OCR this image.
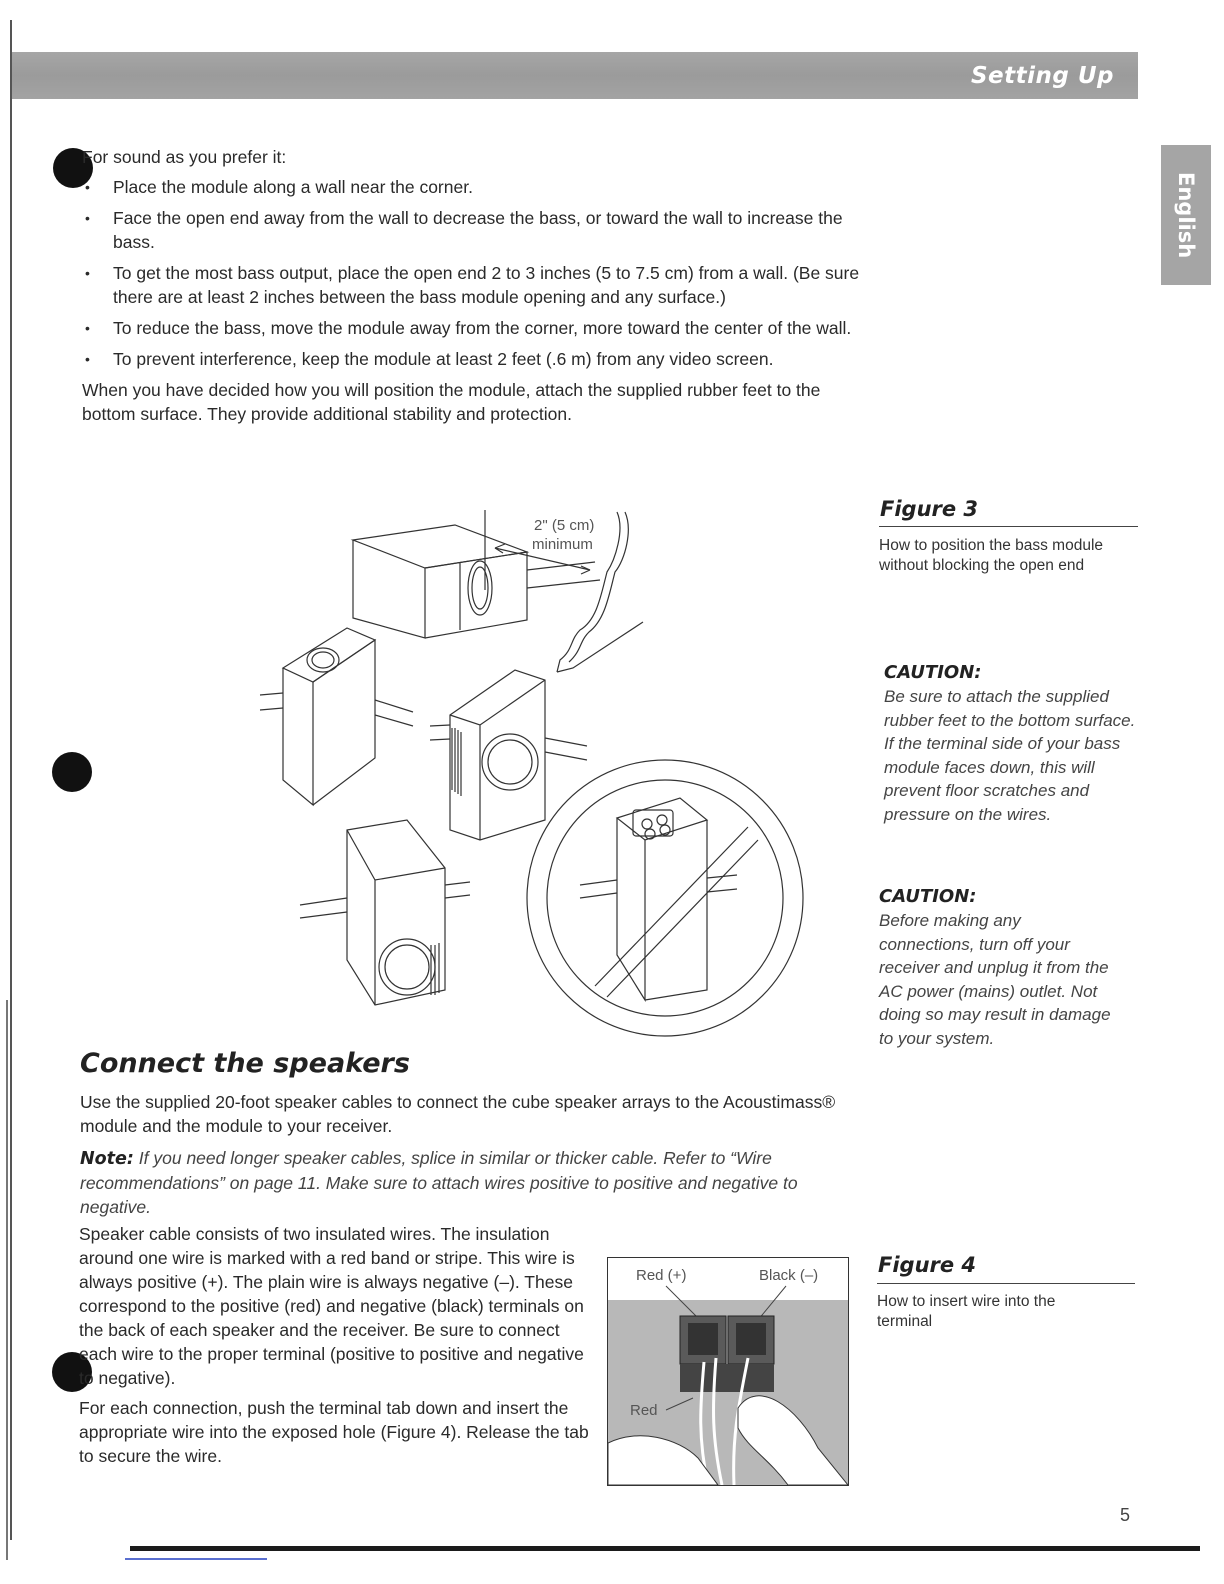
Setting Up
English

For sound as you prefer it:

• Place the module along a wall near the corner.
• Face the open end away from the wall to decrease the bass, or toward the wall to increase the bass.
• To get the most bass output, place the open end 2 to 3 inches (5 to 7.5 cm) from a wall. (Be sure there are at least 2 inches between the bass module opening and any surface.)
• To reduce the bass, move the module away from the corner, more toward the center of the wall.
• To prevent interference, keep the module at least 2 feet (.6 m) from any video screen.

When you have decided how you will position the module, attach the supplied rubber feet to the bottom surface. They provide additional stability and protection.

Figure 3
How to position the bass module without blocking the open end
CAUTION:
Be sure to attach the supplied rubber feet to the bottom surface. If the terminal side of your bass module faces down, this will prevent floor scratches and pressure on the wires.
CAUTION:
Before making any connections, turn off your receiver and unplug it from the AC power (mains) outlet. Not doing so may result in damage to your system.
2" (5 cm)
minimum
Connect the speakers
Use the supplied 20-foot speaker cables to connect the cube speaker arrays to the Acoustimass® module and the module to your receiver.
Note: If you need longer speaker cables, splice in similar or thicker cable. Refer to “Wire recommendations” on page 11. Make sure to attach wires positive to positive and negative to negative.
Speaker cable consists of two insulated wires. The insulation around one wire is marked with a red band or stripe. This wire is always positive (+). The plain wire is always negative (–). These correspond to the positive (red) and negative (black) terminals on the back of each speaker and the receiver. Be sure to connect each wire to the proper terminal (positive to positive and negative to negative).
For each connection, push the terminal tab down and insert the appropriate wire into the exposed hole (Figure 4). Release the tab to secure the wire.
Red (+)	Black (–)
Red
Figure 4
How to insert wire into the terminal
5
